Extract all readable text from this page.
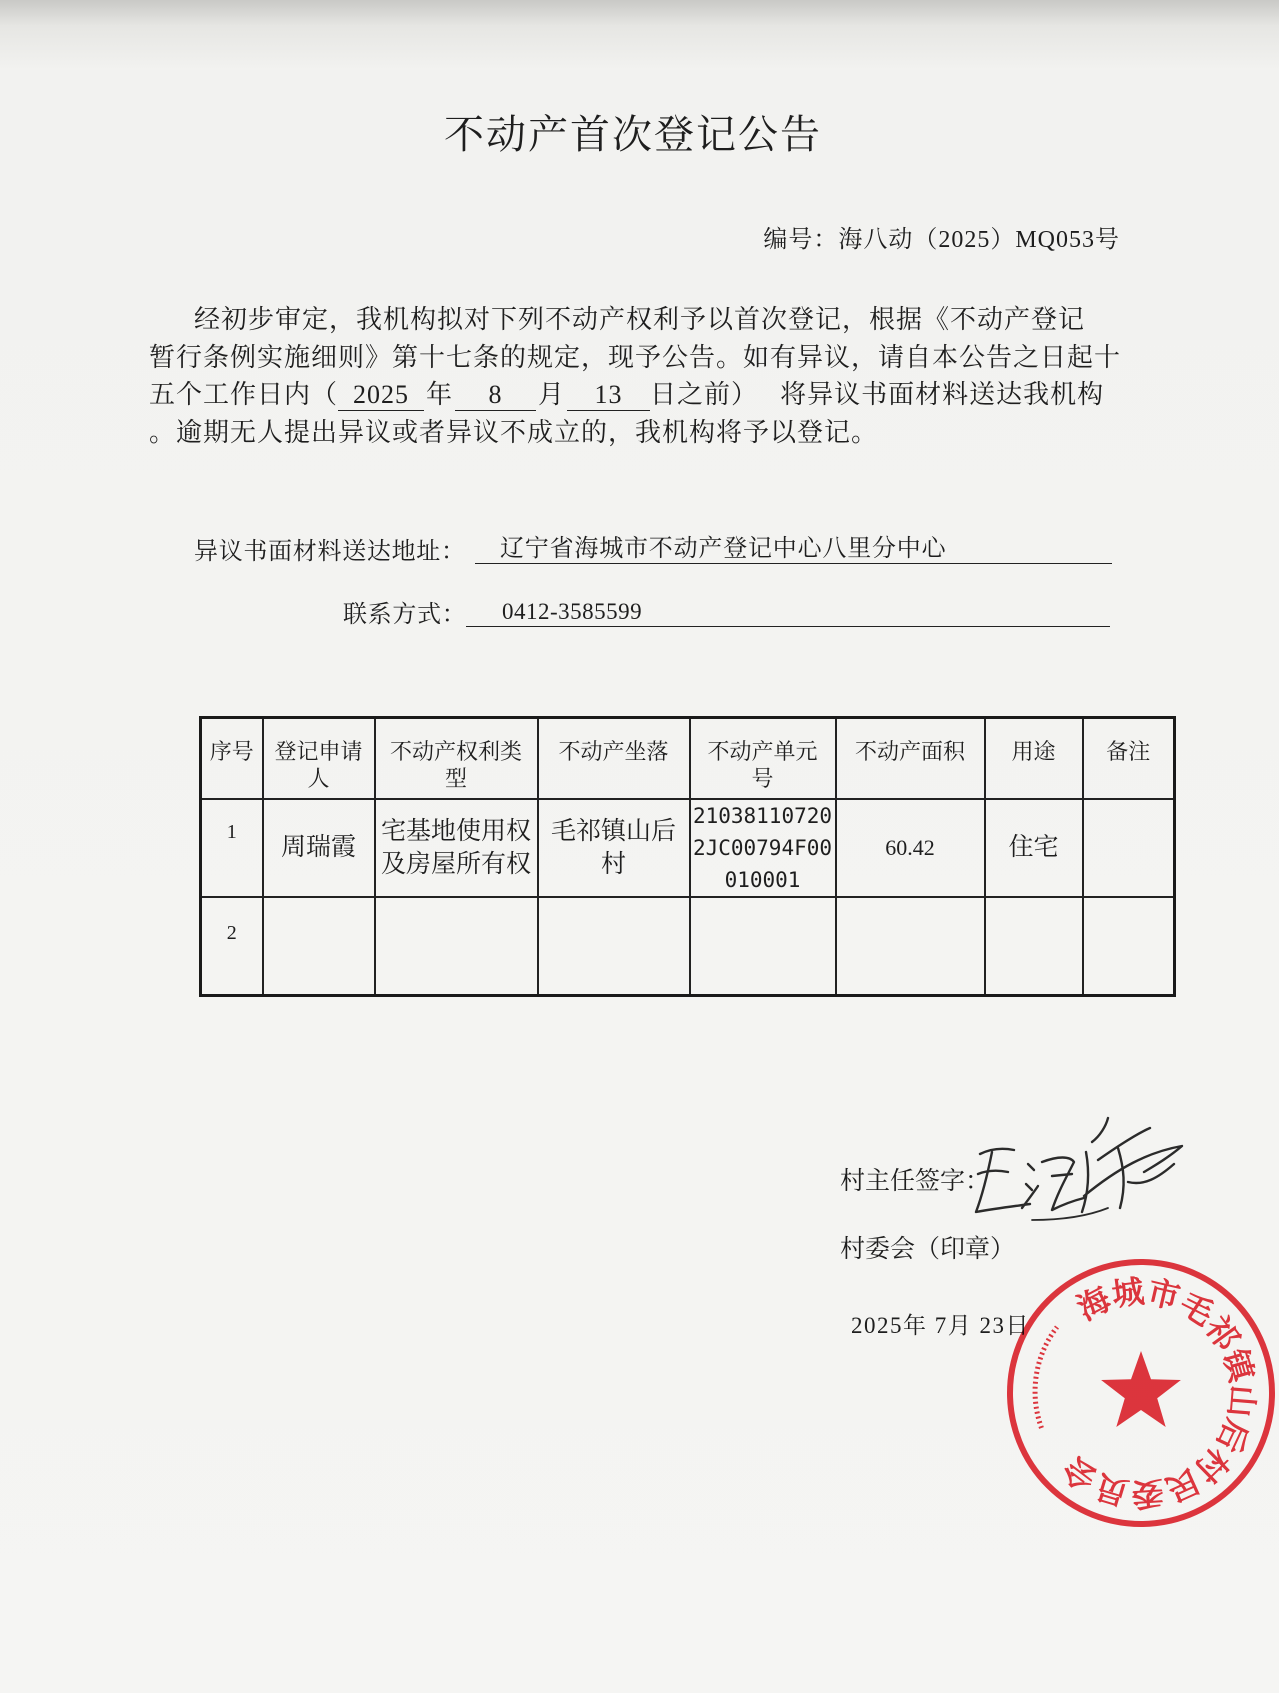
不动产首次登记公告
编号：海八动（2025）MQ053号
经初步审定，我机构拟对下列不动产权利予以首次登记，根据《不动产登记
暂行条例实施细则》第十七条的规定，现予公告。如有异议，请自本公告之日起十
五个工作日内（ 2025 年 8 月 13 日之前） 将异议书面材料送达我机构
。逾期无人提出异议或者异议不成立的，我机构将予以登记。
异议书面材料送达地址：	辽宁省海城市不动产登记中心八里分中心
联系方式：	0412-3585599
序号	登记申请人	不动产权利类型	不动产坐落	不动产单元号	不动产面积	用途	备注
1	周瑞霞	宅基地使用权及房屋所有权	毛祁镇山后村	210381107202JC00794F00010001	60.42	住宅	
2							
村主任签字：
村委会（印章）
2025年 7月 23日	海城市毛祁镇山后村民委员会
